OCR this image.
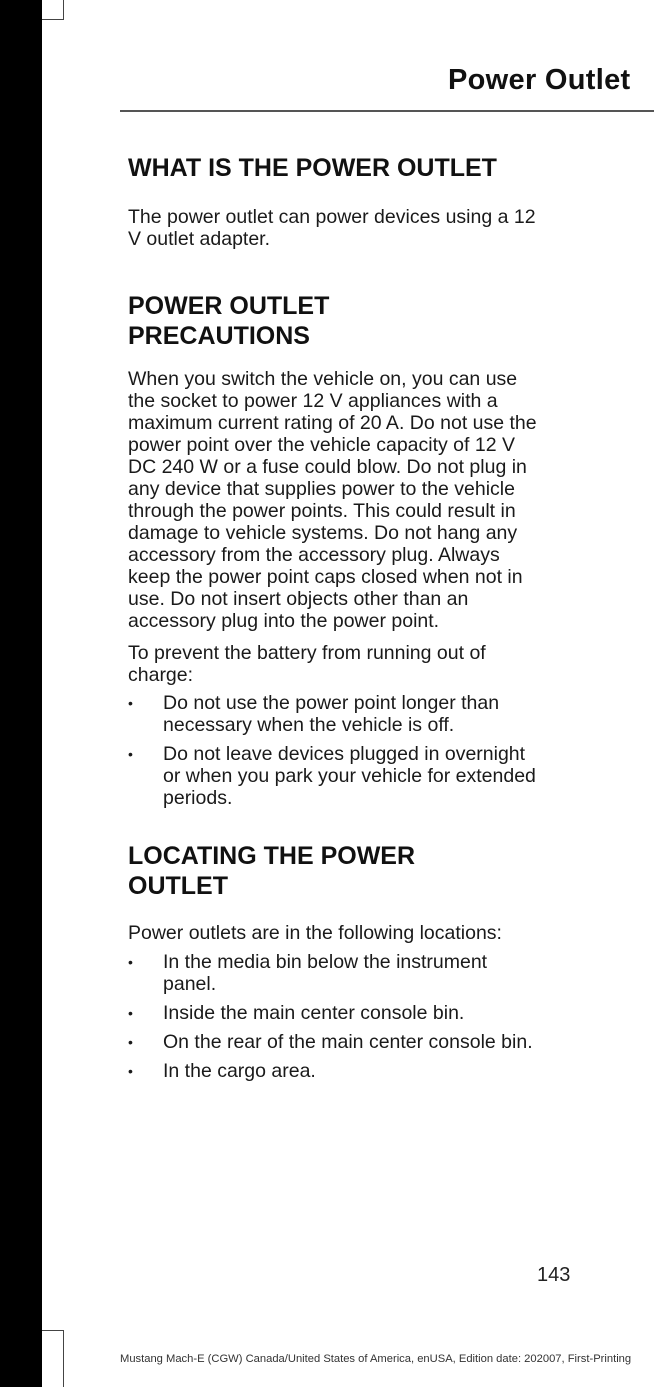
Power Outlet
WHAT IS THE POWER OUTLET

The power outlet can power devices using a 12 V outlet adapter.

POWER OUTLET
PRECAUTIONS

When you switch the vehicle on, you can use the socket to power 12 V appliances with a maximum current rating of 20 A. Do not use the power point over the vehicle capacity of 12 V DC 240 W or a fuse could blow. Do not plug in any device that supplies power to the vehicle through the power points. This could result in damage to vehicle systems. Do not hang any accessory from the accessory plug. Always keep the power point caps closed when not in use. Do not insert objects other than an accessory plug into the power point.

To prevent the battery from running out of charge:

• Do not use the power point longer than necessary when the vehicle is off.
• Do not leave devices plugged in overnight or when you park your vehicle for extended periods.
LOCATING THE POWER
OUTLET

Power outlets are in the following locations:

• In the media bin below the instrument panel.
• Inside the main center console bin.
• On the rear of the main center console bin.
• In the cargo area.
143
Mustang Mach-E (CGW) Canada/United States of America, enUSA, Edition date: 202007, First-Printing
